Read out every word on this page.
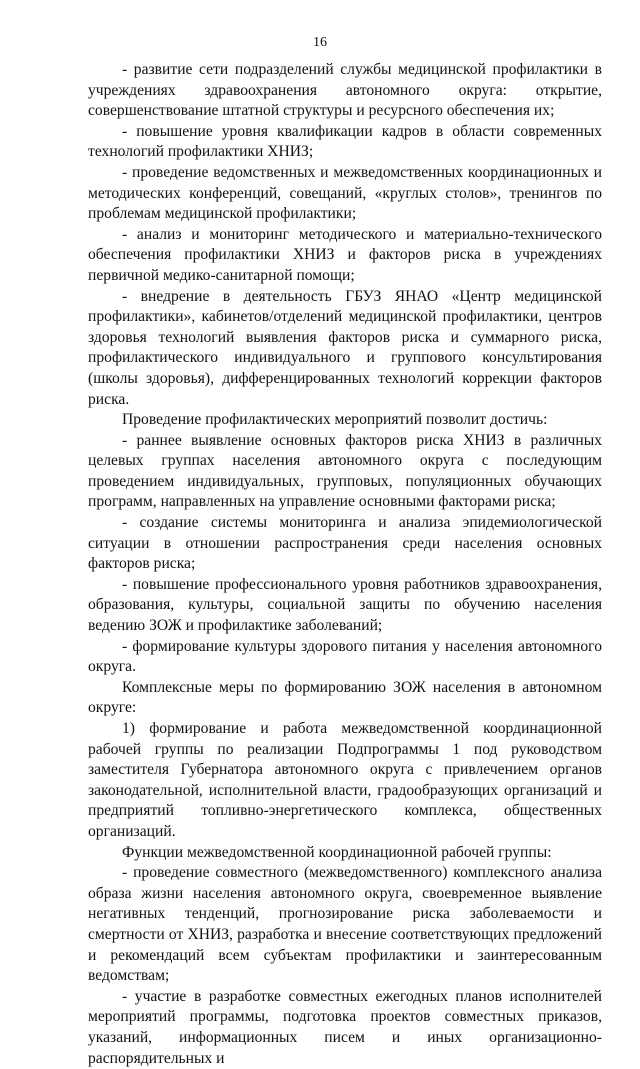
16

- развитие сети подразделений службы медицинской профилактики в учреждениях здравоохранения автономного округа: открытие, совершенствование штатной структуры и ресурсного обеспечения их;

- повышение уровня квалификации кадров в области современных технологий профилактики ХНИЗ;

- проведение ведомственных и межведомственных координационных и методических конференций, совещаний, «круглых столов», тренингов по проблемам медицинской профилактики;

- анализ и мониторинг методического и материально-технического обеспечения профилактики ХНИЗ и факторов риска в учреждениях первичной медико-санитарной помощи;

- внедрение в деятельность ГБУЗ ЯНАО «Центр медицинской профилактики», кабинетов/отделений медицинской профилактики, центров здоровья технологий выявления факторов риска и суммарного риска, профилактического индивидуального и группового консультирования (школы здоровья), дифференцированных технологий коррекции факторов риска.

Проведение профилактических мероприятий позволит достичь:

- раннее выявление основных факторов риска ХНИЗ в различных целевых группах населения автономного округа с последующим проведением индивидуальных, групповых, популяционных обучающих программ, направленных на управление основными факторами риска;

- создание системы мониторинга и анализа эпидемиологической ситуации в отношении распространения среди населения основных факторов риска;

- повышение профессионального уровня работников здравоохранения, образования, культуры, социальной защиты по обучению населения ведению ЗОЖ и профилактике заболеваний;

- формирование культуры здорового питания у населения автономного округа.

Комплексные меры по формированию ЗОЖ населения в автономном округе:

1) формирование и работа межведомственной координационной рабочей группы по реализации Подпрограммы 1 под руководством заместителя Губернатора автономного округа с привлечением органов законодательной, исполнительной власти, градообразующих организаций и предприятий топливно-энергетического комплекса, общественных организаций.

Функции межведомственной координационной рабочей группы:

- проведение совместного (межведомственного) комплексного анализа образа жизни населения автономного округа, своевременное выявление негативных тенденций, прогнозирование риска заболеваемости и смертности от ХНИЗ, разработка и внесение соответствующих предложений и рекомендаций всем субъектам профилактики и заинтересованным ведомствам;

- участие в разработке совместных ежегодных планов исполнителей мероприятий программы, подготовка проектов совместных приказов, указаний, информационных писем и иных организационно-распорядительных и
